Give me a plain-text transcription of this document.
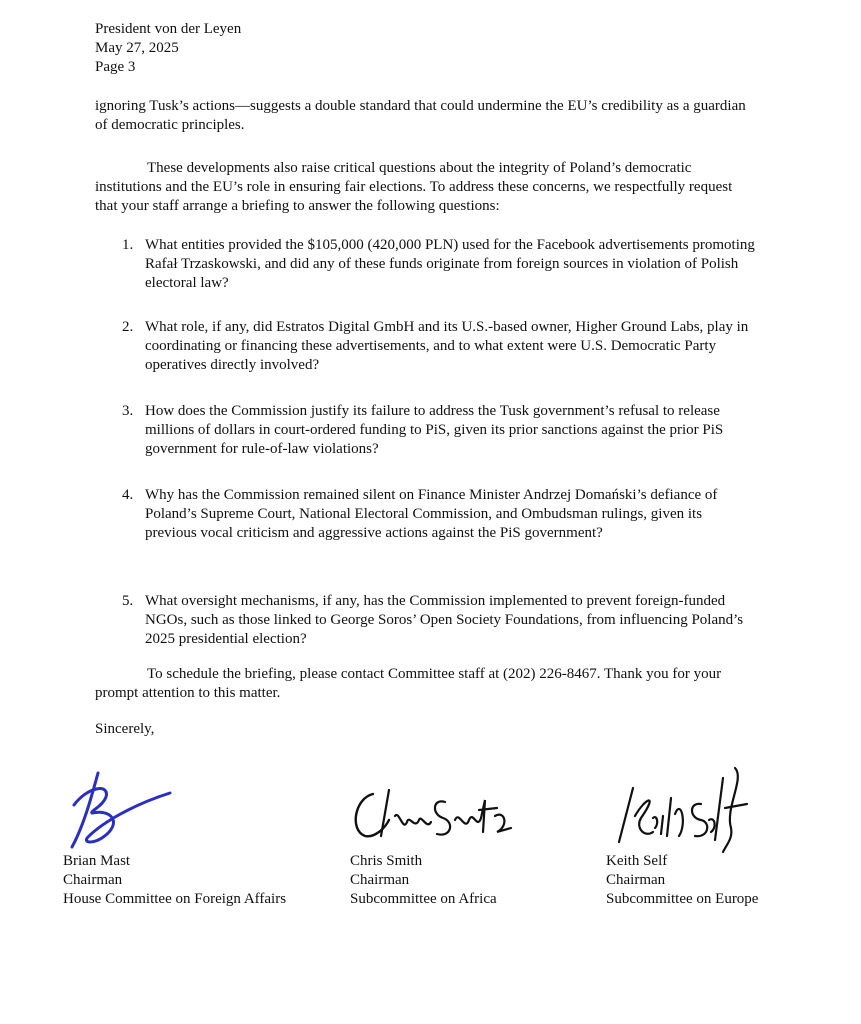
President von der Leyen
May 27, 2025
Page 3

ignoring Tusk’s actions—suggests a double standard that could undermine the EU’s credibility as a guardian of democratic principles.

These developments also raise critical questions about the integrity of Poland’s democratic institutions and the EU’s role in ensuring fair elections. To address these concerns, we respectfully request that your staff arrange a briefing to answer the following questions:

1. What entities provided the $105,000 (420,000 PLN) used for the Facebook advertisements promoting Rafał Trzaskowski, and did any of these funds originate from foreign sources in violation of Polish electoral law?
2. What role, if any, did Estratos Digital GmbH and its U.S.-based owner, Higher Ground Labs, play in coordinating or financing these advertisements, and to what extent were U.S. Democratic Party operatives directly involved?
3. How does the Commission justify its failure to address the Tusk government’s refusal to release millions of dollars in court-ordered funding to PiS, given its prior sanctions against the prior PiS government for rule-of-law violations?
4. Why has the Commission remained silent on Finance Minister Andrzej Domański’s defiance of Poland’s Supreme Court, National Electoral Commission, and Ombudsman rulings, given its previous vocal criticism and aggressive actions against the PiS government?
5. What oversight mechanisms, if any, has the Commission implemented to prevent foreign-funded NGOs, such as those linked to George Soros’ Open Society Foundations, from influencing Poland’s 2025 presidential election?

To schedule the briefing, please contact Committee staff at (202) 226-8467. Thank you for your prompt attention to this matter.

Sincerely,
Brian Mast
Chairman
House Committee on Foreign Affairs
Chris Smith
Chairman
Subcommittee on Africa
Keith Self
Chairman
Subcommittee on Europe
